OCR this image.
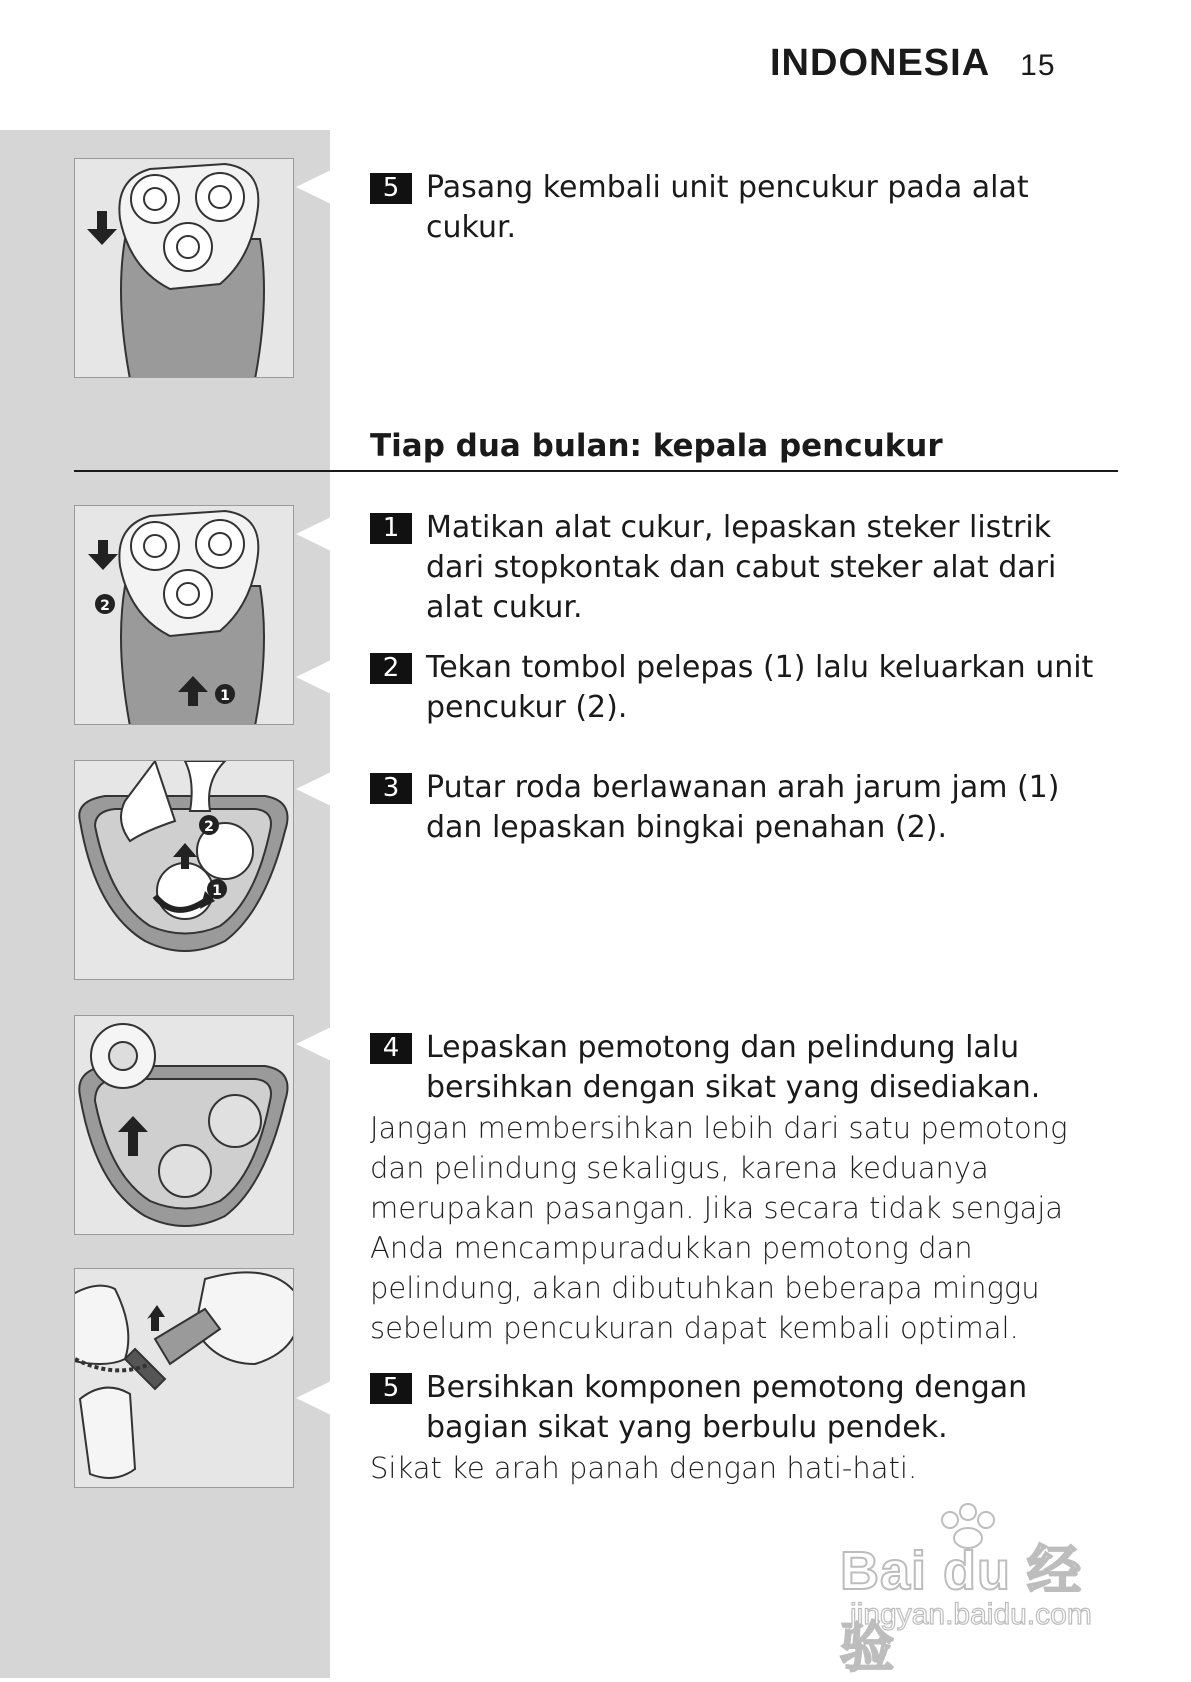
INDONESIA 15
2
1
2
1
5 Pasang kembali unit pencukur pada alat cukur.
Tiap dua bulan: kepala pencukur
1 Matikan alat cukur, lepaskan steker listrik dari stopkontak dan cabut steker alat dari alat cukur.
2 Tekan tombol pelepas (1) lalu keluarkan unit pencukur (2).
3 Putar roda berlawanan arah jarum jam (1) dan lepaskan bingkai penahan (2).
4 Lepaskan pemotong dan pelindung lalu bersihkan dengan sikat yang disediakan.
Jangan membersihkan lebih dari satu pemotong dan pelindung sekaligus, karena keduanya merupakan pasangan. Jika secara tidak sengaja Anda mencampuradukkan pemotong dan pelindung, akan dibutuhkan beberapa minggu sebelum pencukuran dapat kembali optimal.
5 Bersihkan komponen pemotong dengan bagian sikat yang berbulu pendek.
Sikat ke arah panah dengan hati-hati.
Bai du 经验
jingyan.baidu.com
